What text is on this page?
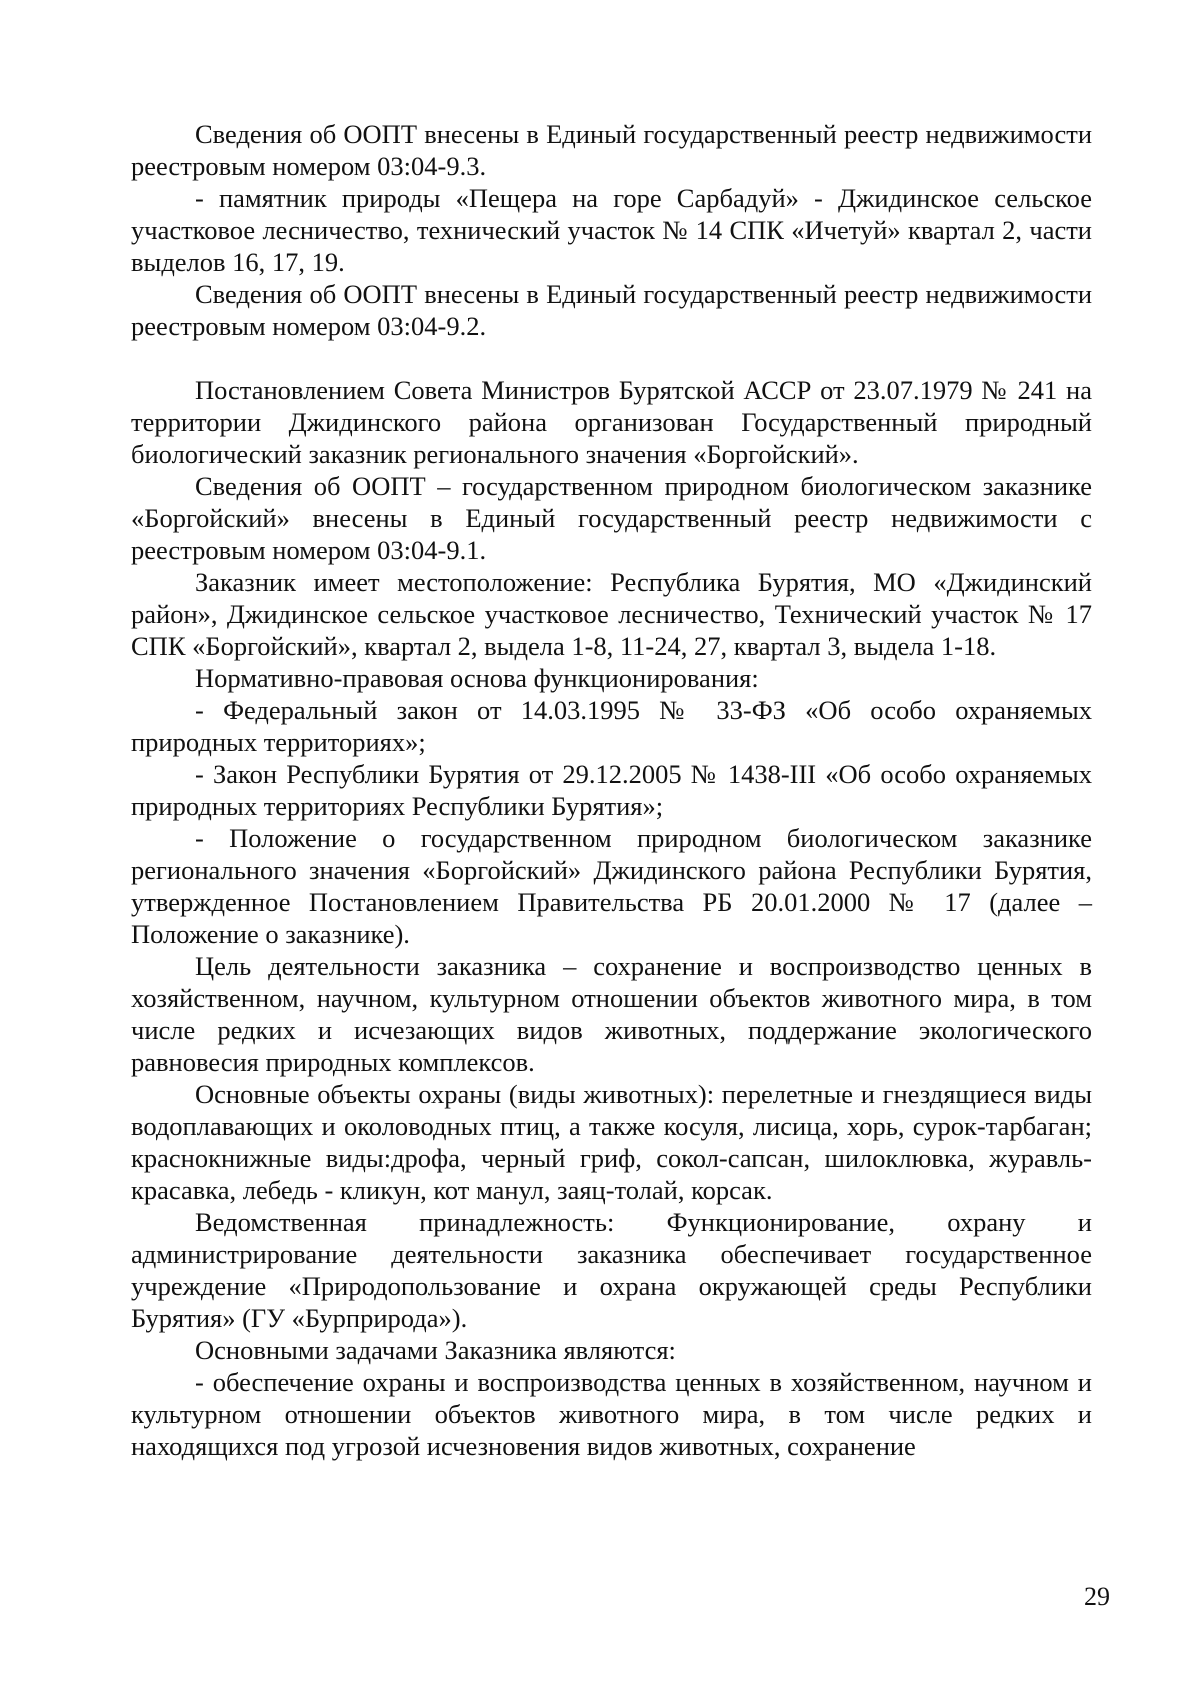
Сведения об ООПТ внесены в Единый государственный реестр недвижимости реестровым номером 03:04-9.3.

- памятник природы «Пещера на горе Сарбадуй» - Джидинское сельское участковое лесничество, технический участок № 14 СПК «Ичетуй» квартал 2, части выделов 16, 17, 19.

Сведения об ООПТ внесены в Единый государственный реестр недвижимости реестровым номером 03:04-9.2.

Постановлением Совета Министров Бурятской АССР от 23.07.1979 № 241 на территории Джидинского района организован Государственный природный биологический заказник регионального значения «Боргойский».

Сведения об ООПТ – государственном природном биологическом заказнике «Боргойский» внесены в Единый государственный реестр недвижимости с реестровым номером 03:04-9.1.

Заказник имеет местоположение: Республика Бурятия, МО «Джидинский район», Джидинское сельское участковое лесничество, Технический участок № 17 СПК «Боргойский», квартал 2, выдела 1-8, 11-24, 27, квартал 3, выдела 1-18.

Нормативно-правовая основа функционирования:

- Федеральный закон от 14.03.1995 № 33-ФЗ «Об особо охраняемых природных территориях»;

- Закон Республики Бурятия от 29.12.2005 № 1438-III «Об особо охраняемых природных территориях Республики Бурятия»;

- Положение о государственном природном биологическом заказнике регионального значения «Боргойский» Джидинского района Республики Бурятия, утвержденное Постановлением Правительства РБ 20.01.2000 № 17 (далее – Положение о заказнике).

Цель деятельности заказника – сохранение и воспроизводство ценных в хозяйственном, научном, культурном отношении объектов животного мира, в том числе редких и исчезающих видов животных, поддержание экологического равновесия природных комплексов.

Основные объекты охраны (виды животных): перелетные и гнездящиеся виды водоплавающих и околоводных птиц, а также косуля, лисица, хорь, сурок-тарбаган; краснокнижные виды:дрофа, черный гриф, сокол-сапсан, шилоклювка, журавль-красавка, лебедь - кликун, кот манул, заяц-толай, корсак.

Ведомственная принадлежность: Функционирование, охрану и администрирование деятельности заказника обеспечивает государственное учреждение «Природопользование и охрана окружающей среды Республики Бурятия» (ГУ «Бурприрода»).

Основными задачами Заказника являются:

- обеспечение охраны и воспроизводства ценных в хозяйственном, научном и культурном отношении объектов животного мира, в том числе редких и находящихся под угрозой исчезновения видов животных, сохранение

29
